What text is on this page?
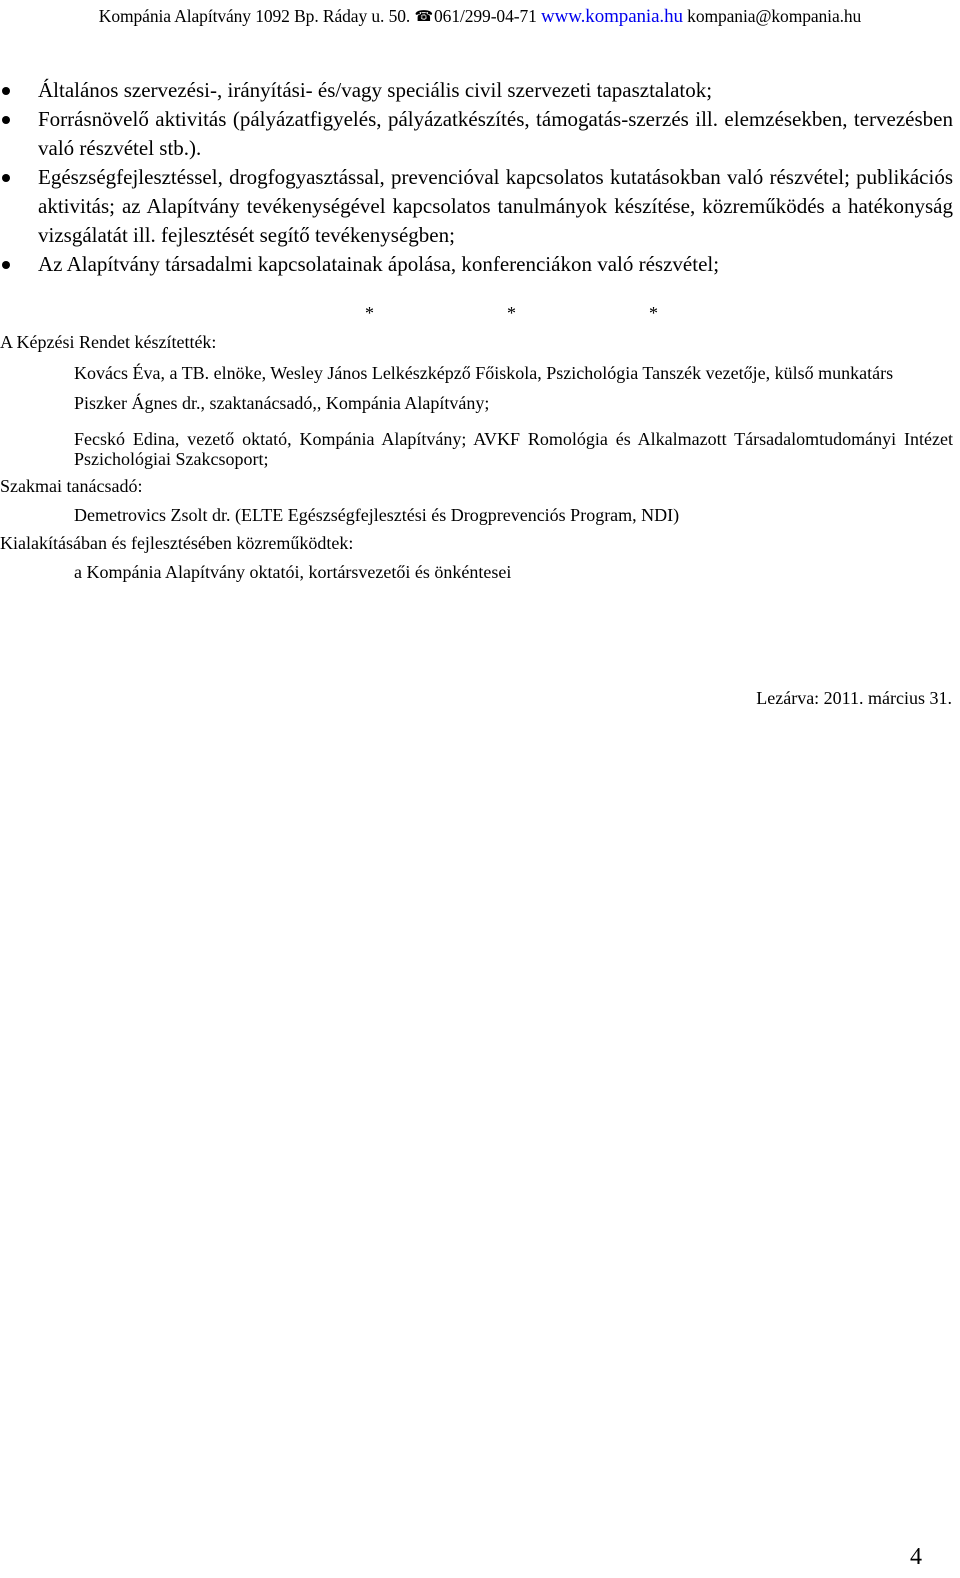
Kompánia Alapítvány 1092 Bp. Ráday u. 50. ☎061/299-04-71 www.kompania.hu kompania@kompania.hu
Általános szervezési-, irányítási- és/vagy speciális civil szervezeti tapasztalatok;
Forrásnövelő aktivitás (pályázatfigyelés, pályázatkészítés, támogatás-szerzés ill. elemzésekben, tervezésben való részvétel stb.).
Egészségfejlesztéssel, drogfogyasztással, prevencióval kapcsolatos kutatásokban való részvétel; publikációs aktivitás; az Alapítvány tevékenységével kapcsolatos tanulmányok készítése, közreműködés a hatékonyság vizsgálatát ill. fejlesztését segítő tevékenységben;
Az Alapítvány társadalmi kapcsolatainak ápolása, konferenciákon való részvétel;
*	*	*
A Képzési Rendet készítették:
Kovács Éva, a TB. elnöke, Wesley János Lelkészképző Főiskola, Pszichológia Tanszék vezetője, külső munkatárs
Piszker Ágnes dr., szaktanácsadó,, Kompánia Alapítvány;
Fecskó Edina, vezető oktató, Kompánia Alapítvány; AVKF Romológia és Alkalmazott Társadalomtudományi Intézet Pszichológiai Szakcsoport;
Szakmai tanácsadó:
Demetrovics Zsolt dr. (ELTE Egészségfejlesztési és Drogprevenciós Program, NDI)
Kialakításában és fejlesztésében közreműködtek:
a Kompánia Alapítvány oktatói, kortársvezetői és önkéntesei
Lezárva: 2011. március 31.
4
